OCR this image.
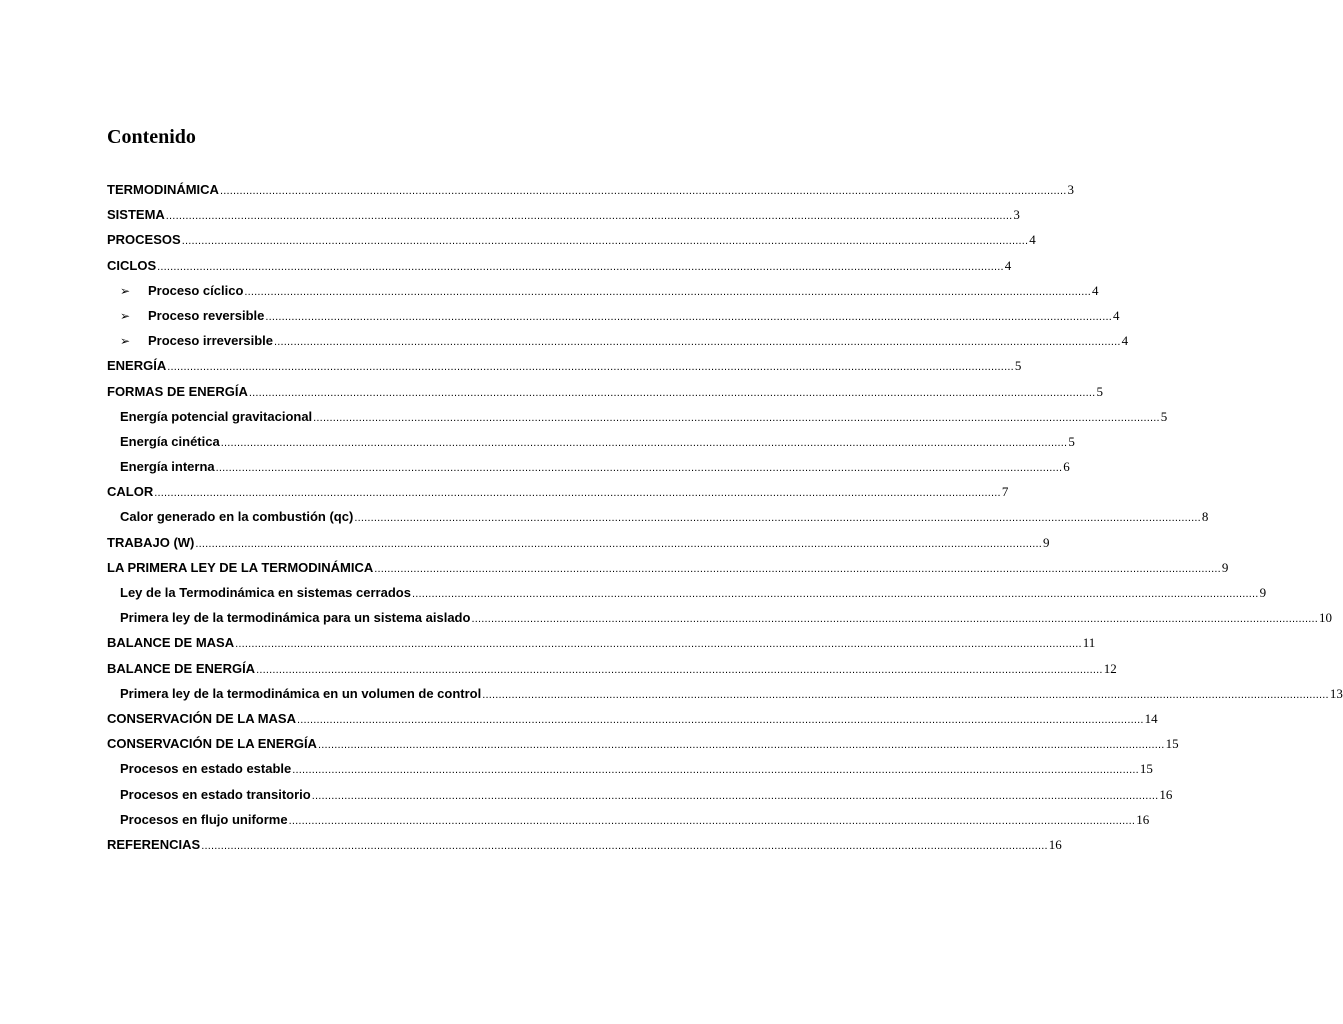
Contenido
TERMODINÁMICA .................................................................................................................................................................................................................................................................... 3
SISTEMA .................................................................................................................................................................................................................................................................... 3
PROCESOS .................................................................................................................................................................................................................................................................... 4
CICLOS .................................................................................................................................................................................................................................................................... 4
➢	Proceso cíclico .................................................................................................................................................................................................................................................................... 4
➢	Proceso reversible .................................................................................................................................................................................................................................................................... 4
➢	Proceso irreversible .................................................................................................................................................................................................................................................................... 4
ENERGÍA .................................................................................................................................................................................................................................................................... 5
FORMAS DE ENERGÍA .................................................................................................................................................................................................................................................................... 5
Energía potencial gravitacional .................................................................................................................................................................................................................................................................... 5
Energía cinética .................................................................................................................................................................................................................................................................... 5
Energía interna .................................................................................................................................................................................................................................................................... 6
CALOR .................................................................................................................................................................................................................................................................... 7
Calor generado en la combustión (qc) .................................................................................................................................................................................................................................................................... 8
TRABAJO (W) .................................................................................................................................................................................................................................................................... 9
LA PRIMERA LEY DE LA TERMODINÁMICA .................................................................................................................................................................................................................................................................... 9
Ley de la Termodinámica en sistemas cerrados .................................................................................................................................................................................................................................................................... 9
Primera ley de la termodinámica para un sistema aislado .................................................................................................................................................................................................................................................................... 10
BALANCE DE MASA .................................................................................................................................................................................................................................................................... 11
BALANCE DE ENERGÍA .................................................................................................................................................................................................................................................................... 12
Primera ley de la termodinámica en un volumen de control .................................................................................................................................................................................................................................................................... 13
CONSERVACIÓN DE LA MASA .................................................................................................................................................................................................................................................................... 14
CONSERVACIÓN DE LA ENERGÍA .................................................................................................................................................................................................................................................................... 15
Procesos en estado estable .................................................................................................................................................................................................................................................................... 15
Procesos en estado transitorio .................................................................................................................................................................................................................................................................... 16
Procesos en flujo uniforme .................................................................................................................................................................................................................................................................... 16
REFERENCIAS .................................................................................................................................................................................................................................................................... 16
